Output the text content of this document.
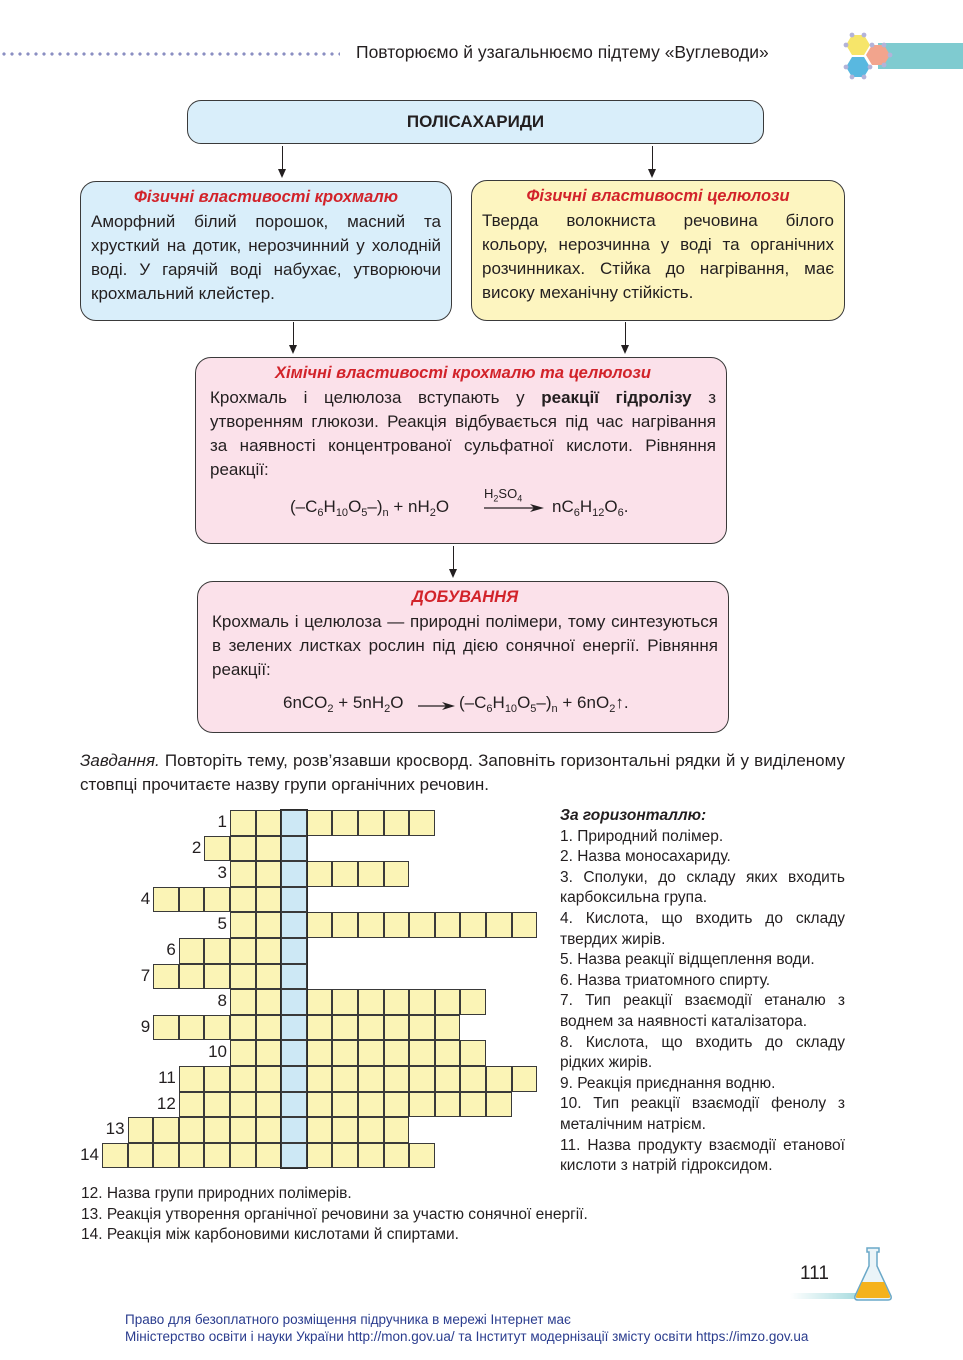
Повторюємо й узагальнюємо підтему «Вуглеводи»
ПОЛІСАХАРИДИ
Фізичні властивості крохмалю
Аморфний білий порошок, масний та хрусткий на дотик, нерозчинний у холодній воді. У гарячій воді набухає, утворюючи крохмальний клейстер.
Фізичні властивості целюлози
Тверда волокниста речовина білого кольору, нерозчинна у воді та органічних розчинниках. Стійка до нагрівання, має високу механічну стійкість.
Хімічні властивості крохмалю та целюлози
Крохмаль і целюлоза вступають у реакції гідролізу з утворенням глюкози. Реакція відбувається під час нагрівання за наявності концентрованої сульфатної кислоти. Рівняння реакції:
$(-C_6H_{10}O_5-)_n + nH_2O$
$H_2SO_4$ $nC_6H_{12}O_6$.
ДОБУВАННЯ
Крохмаль і целюлоза — природні полімери, тому синтезуються в зелених листках рослин під дією сонячної енергії. Рівняння реакції:
$6nCO_2 + 5nH_2O$	$(-C_6H_{10}O_5-)_n$ + $6nO_2↑$.
Завдання. Повторіть тему, розв’язавши кросворд. Заповніть горизонтальні рядки й у виділеному стовпці прочитаєте назву групи органічних речовин.
1
2
3
4
5
6
7
8
9
10
11
12
13
14
За горизонталлю:
1. Природний полімер.
2. Назва моносахариду.
3. Сполуки, до складу яких входить карбоксильна група.
4. Кислота, що входить до складу твердих жирів.
5. Назва реакції відщеплення води.
6. Назва триатомного спирту.
7. Тип реакції взаємодії етаналю з воднем за наявності каталізатора.
8. Кислота, що входить до складу рідких жирів.
9. Реакція приєднання водню.
10. Тип реакції взаємодії фенолу з металічним натрієм.
11. Назва продукту взаємодії етанової кислоти з натрій гідроксидом.
12. Назва групи природних полімерів.
13. Реакція утворення органічної речовини за участю сонячної енергії.
14. Реакція між карбоновими кислотами й спиртами.
111
Право для безоплатного розміщення підручника в мережі Інтернет має
Міністерство освіти і науки України http://mon.gov.ua/ та Інститут модернізації змісту освіти https://imzo.gov.ua
